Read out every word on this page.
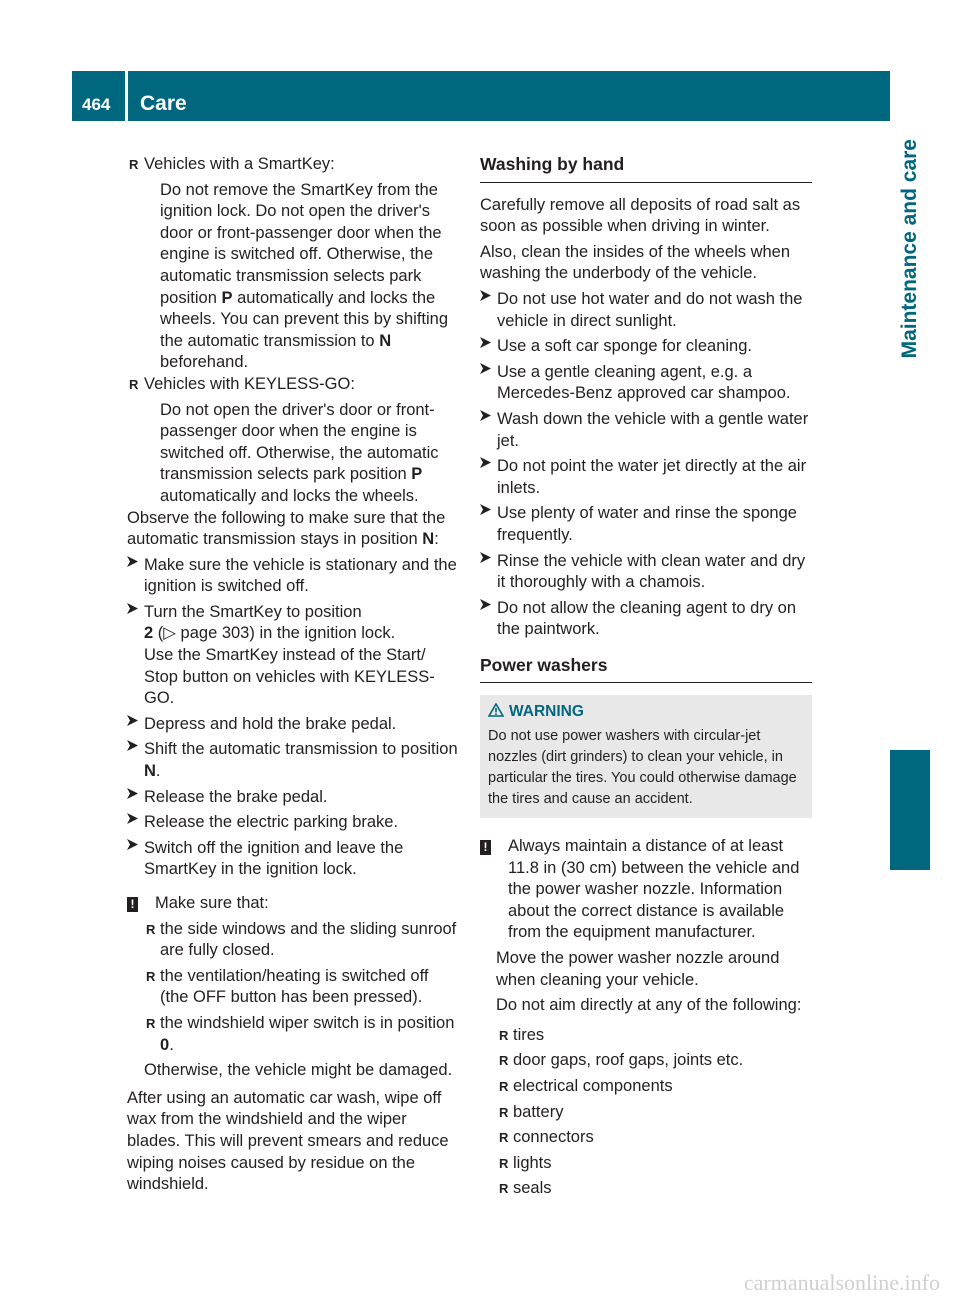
464	Care
Maintenance and care
R Vehicles with a SmartKey:

Do not remove the SmartKey from the ignition lock. Do not open the driver's door or front-passenger door when the engine is switched off. Otherwise, the automatic transmission selects park position P automatically and locks the wheels. You can prevent this by shifting the automatic transmission to N beforehand.

R Vehicles with KEYLESS-GO:

Do not open the driver's door or front-passenger door when the engine is switched off. Otherwise, the automatic transmission selects park position P automatically and locks the wheels.

Observe the following to make sure that the automatic transmission stays in position N:

Make sure the vehicle is stationary and the ignition is switched off.

Turn the SmartKey to position
2 (▷ page 303) in the ignition lock.
Use the SmartKey instead of the Start/ Stop button on vehicles with KEYLESS-GO.

Depress and hold the brake pedal.

Shift the automatic transmission to position N.

Release the brake pedal.

Release the electric parking brake.

Switch off the ignition and leave the SmartKey in the ignition lock.

!	Make sure that:

R the side windows and the sliding sunroof are fully closed.

R the ventilation/heating is switched off (the OFF button has been pressed).

R the windshield wiper switch is in position
0.

Otherwise, the vehicle might be damaged.

After using an automatic car wash, wipe off wax from the windshield and the wiper blades. This will prevent smears and reduce wiping noises caused by residue on the windshield.

Washing by hand

Carefully remove all deposits of road salt as soon as possible when driving in winter.

Also, clean the insides of the wheels when washing the underbody of the vehicle.

Do not use hot water and do not wash the vehicle in direct sunlight.

Use a soft car sponge for cleaning.

Use a gentle cleaning agent, e.g. a Mercedes-Benz approved car shampoo.

Wash down the vehicle with a gentle water jet.

Do not point the water jet directly at the air inlets.

Use plenty of water and rinse the sponge frequently.

Rinse the vehicle with clean water and dry it thoroughly with a chamois.

Do not allow the cleaning agent to dry on the paintwork.

Power washers

WARNING

Do not use power washers with circular-jet nozzles (dirt grinders) to clean your vehicle, in particular the tires. You could otherwise damage the tires and cause an accident.

!	Always maintain a distance of at least 11.8 in (30 cm) between the vehicle and the power washer nozzle. Information about the correct distance is available from the equipment manufacturer.

Move the power washer nozzle around when cleaning your vehicle.

Do not aim directly at any of the following:

R tires

R door gaps, roof gaps, joints etc.

R electrical components

R battery

R connectors

R lights

R seals

carmanualsonline.info
